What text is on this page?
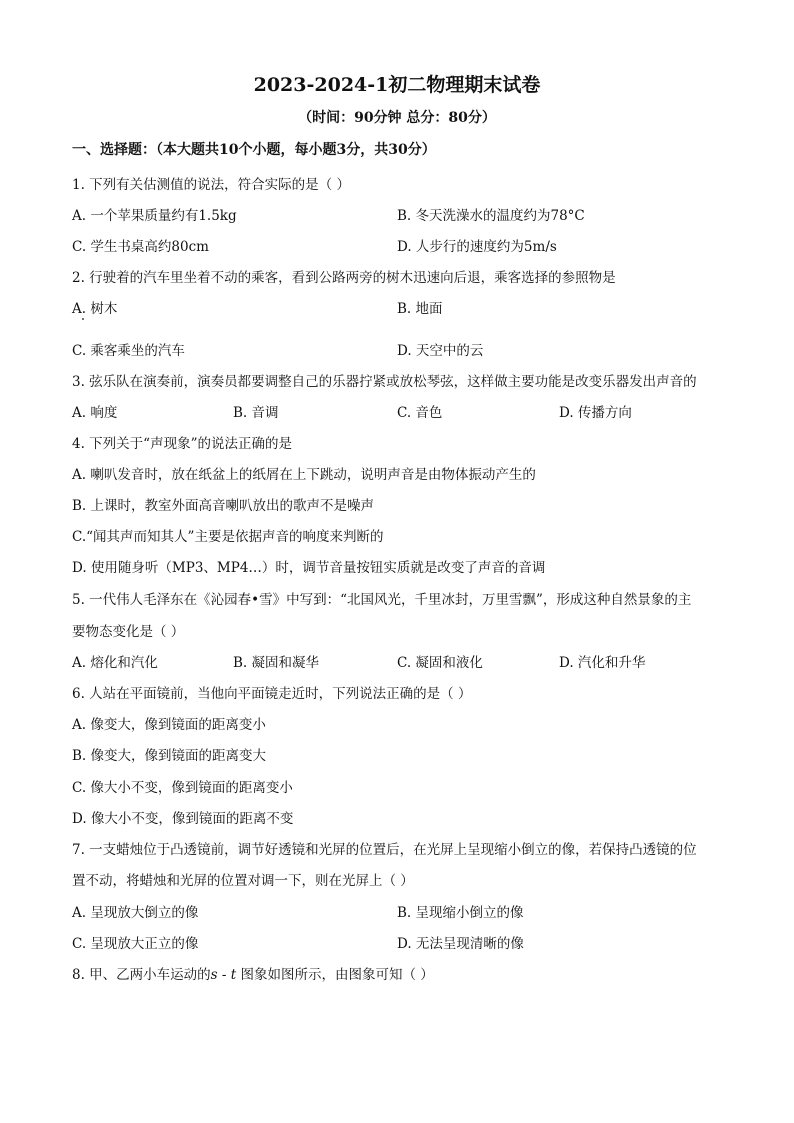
2023-2024-1初二物理期末试卷
（时间：90分钟 总分：80分）
一、选择题：（本大题共10个小题，每小题3分，共30分）
1. 下列有关估测值的说法，符合实际的是（ ）
A. 一个苹果质量约有1.5kg	B. 冬天洗澡水的温度约为78°C
C. 学生书桌高约80cm	D. 人步行的速度约为5m/s
2. 行驶着的汽车里坐着不动的乘客，看到公路两旁的树木迅速向后退，乘客选择的参照物是
A. 树木	B. 地面
C. 乘客乘坐的汽车	D. 天空中的云
3. 弦乐队在演奏前，演奏员都要调整自己的乐器拧紧或放松琴弦，这样做主要功能是改变乐器发出声音的
A. 响度	B. 音调	C. 音色	D. 传播方向
4. 下列关于“声现象”的说法正确的是
A. 喇叭发音时，放在纸盆上的纸屑在上下跳动，说明声音是由物体振动产生的
B. 上课时，教室外面高音喇叭放出的歌声不是噪声
C.“闻其声而知其人”主要是依据声音的响度来判断的
D. 使用随身听（MP3、MP4…）时，调节音量按钮实质就是改变了声音的音调
5. 一代伟人毛泽东在《沁园春•雪》中写到：“北国风光，千里冰封，万里雪飘”，形成这种自然景象的主
要物态变化是（ ）
A. 熔化和汽化	B. 凝固和凝华	C. 凝固和液化	D. 汽化和升华
6. 人站在平面镜前，当他向平面镜走近时，下列说法正确的是（ ）
A. 像变大，像到镜面的距离变小
B. 像变大，像到镜面的距离变大
C. 像大小不变，像到镜面的距离变小
D. 像大小不变，像到镜面的距离不变
7. 一支蜡烛位于凸透镜前，调节好透镜和光屏的位置后，在光屏上呈现缩小倒立的像，若保持凸透镜的位
置不动，将蜡烛和光屏的位置对调一下，则在光屏上（ ）
A. 呈现放大倒立的像	B. 呈现缩小倒立的像
C. 呈现放大正立的像	D. 无法呈现清晰的像
8. 甲、乙两小车运动的s - t 图象如图所示，由图象可知（ ）
